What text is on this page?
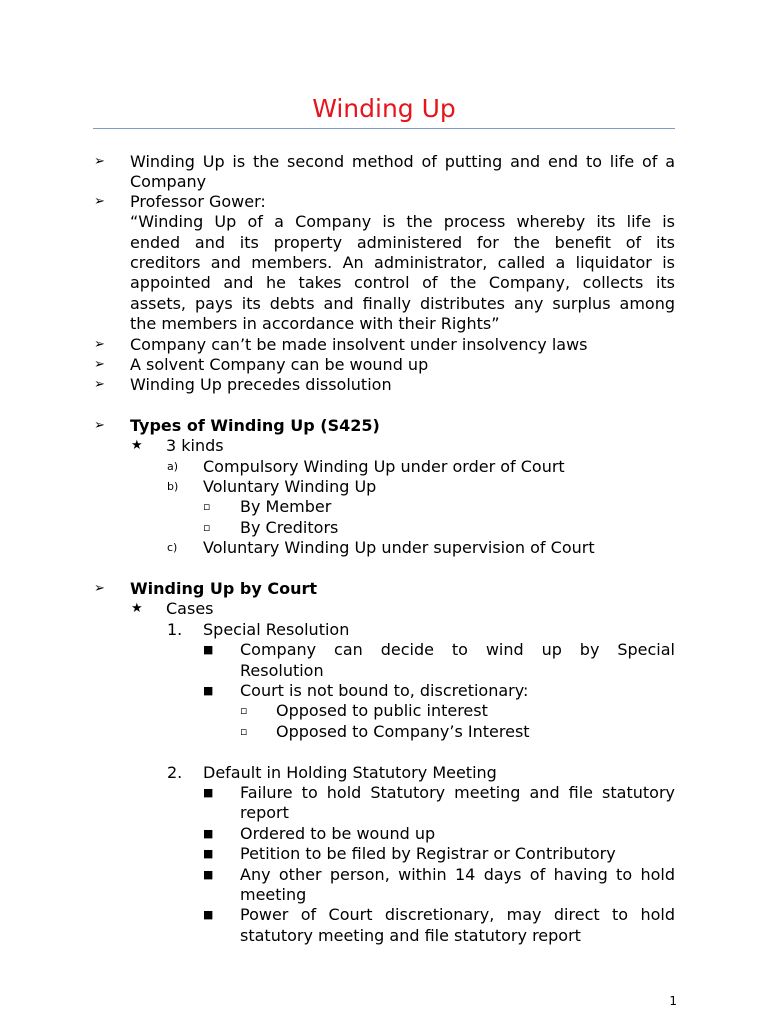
Winding Up
➢ Winding Up is the second method of putting and end to life of a
Company
➢ Professor Gower:
“Winding Up of a Company is the process whereby its life is
ended and its property administered for the benefit of its
creditors and members. An administrator, called a liquidator is
appointed and he takes control of the Company, collects its
assets, pays its debts and finally distributes any surplus among
the members in accordance with their Rights”
➢ Company can’t be made insolvent under insolvency laws
➢ A solvent Company can be wound up
➢ Winding Up precedes dissolution
➢ Types of Winding Up (S425)
★ 3 kinds
a) Compulsory Winding Up under order of Court
b) Voluntary Winding Up
▫ By Member
▫ By Creditors
c) Voluntary Winding Up under supervision of Court
➢ Winding Up by Court
★ Cases
1. Special Resolution
■ Company can decide to wind up by Special
Resolution
■ Court is not bound to, discretionary:
▫ Opposed to public interest
▫ Opposed to Company’s Interest
2. Default in Holding Statutory Meeting
■ Failure to hold Statutory meeting and file statutory
report
■ Ordered to be wound up
■ Petition to be filed by Registrar or Contributory
■ Any other person, within 14 days of having to hold
meeting
■ Power of Court discretionary, may direct to hold
statutory meeting and file statutory report
1
